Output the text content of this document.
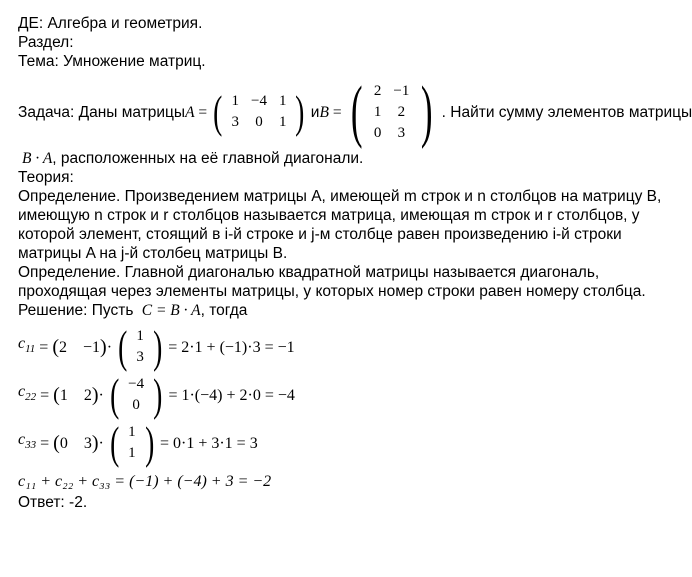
ДЕ: Алгебра и геометрия.
Раздел:
Тема: Умножение матриц.
Задача: Даны матрицы A = ( 1	−4	1
3	0	1 ) и B = ( 2	−1
1	2
0	3 ) . Найти сумму элементов матрицы
B · A, расположенных на её главной диагонали.
Теория:
Определение. Произведением матрицы A, имеющей m строк и n столбцов на матрицу B,
имеющую n строк и r столбцов называется матрица, имеющая m строк и r столбцов, у
которой элемент, стоящий в i-й строке и j-м столбце равен произведению i-й строки
матрицы A на j-й столбец матрицы B.
Определение. Главной диагональю квадратной матрицы называется диагональ,
проходящая через элементы матрицы, у которых номер строки равен номеру столбца.
Решение: Пусть C = B · A, тогда
$c_{11}$ = ( 2 −1 ) · ( 1
3 ) = 2·1 + (−1)·3 = −1
$c_{22}$ = ( 1 2 ) · ( −4
0 ) = 1·(−4) + 2·0 = −4
$c_{33}$ = ( 0 3 ) · ( 1
1 ) = 0·1 + 3·1 = 3
c₁₁ + c₂₂ + c₃₃ = (−1) + (−4) + 3 = −2
Ответ: -2.
